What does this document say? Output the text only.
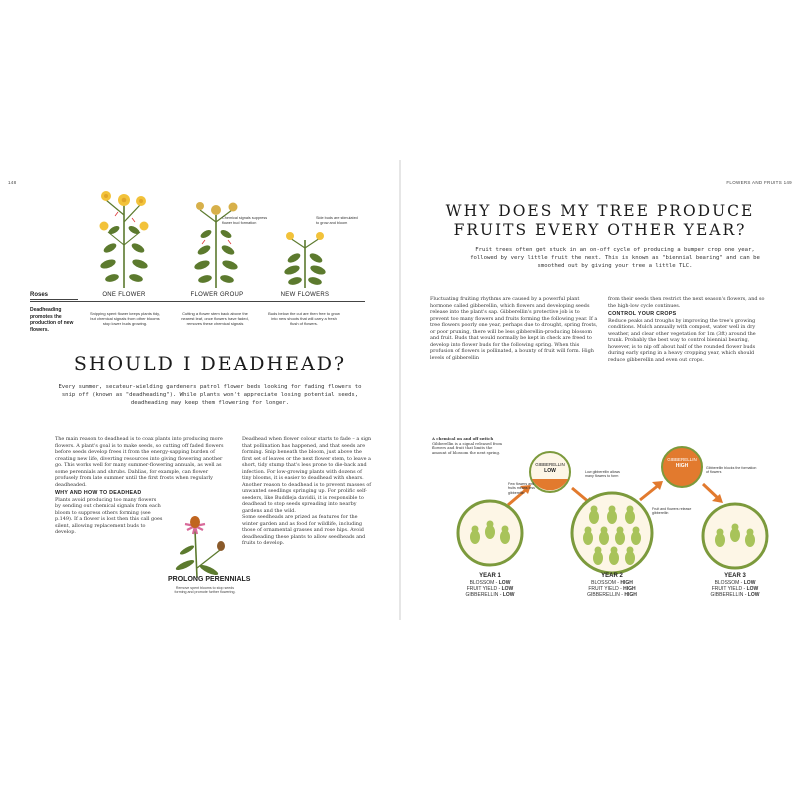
148	FLOWERS AND FRUITS 149
Chemical signals suppress flower bud formation
Side buds are stimulated to grow and bloom
Roses
Deadheading promotes the production of new flowers.
ONE FLOWER	FLOWER GROUP	NEW FLOWERS
Snipping spent flower keeps plants tidy, but chemical signals from other blooms stop lower buds growing.
Cutting a flower stem back above the nearest leaf, once flowers have faded, removes these chemical signals
Buds below the cut are then free to grow into new shoots that will carry a fresh flush of flowers.
SHOULD I DEADHEAD?
Every summer, secateur-wielding gardeners patrol flower beds looking for fading flowers to snip off (known as "deadheading"). While plants won't appreciate losing potential seeds, deadheading may keep them flowering for longer.

The main reason to deadhead is to coax plants into producing more flowers. A plant's goal is to make seeds, so cutting off faded flowers before seeds develop frees it from the energy-sapping burden of creating new life, diverting resources into giving flowering another go. This works well for many summer-flowering annuals, as well as some perennials and shrubs. Dahlias, for example, can flower profusely from late summer until the first frosts when regularly deadheaded.

WHY AND HOW TO DEADHEAD

Plants avoid producing too many flowers by sending out chemical signals from each bloom to suppress others forming (see p.149). If a flower is lost then this call goes silent, allowing replacement buds to develop.

Deadhead when flower colour starts to fade – a sign that pollination has happened, and that seeds are forming. Snip beneath the bloom, just above the first set of leaves or the next flower stem, to leave a short, tidy stump that's less prone to die-back and infection. For low-growing plants with dozens of tiny blooms, it is easier to deadhead with shears.

Another reason to deadhead is to prevent masses of unwanted seedlings springing up. For prolific self-seeders, like Buddleja davidii, it is responsible to deadhead to stop seeds spreading into nearby gardens and the wild.

Some seedheads are prized as features for the winter garden and as food for wildlife, including those of ornamental grasses and rose hips. Avoid deadheading these plants to allow seedheads and fruits to develop.

PROLONG PERENNIALS
Remove spent blooms to stop seeds forming and promote further flowering.
WHY DOES MY TREE PRODUCE
FRUITS EVERY OTHER YEAR?
Fruit trees often get stuck in an on-off cycle of producing a bumper crop one year, followed by very little fruit the next. This is known as "biennial bearing" and can be smoothed out by giving your tree a little TLC.

Fluctuating fruiting rhythms are caused by a powerful plant hormone called gibberellin, which flowers and developing seeds release into the plant's sap. Gibberellin's protective job is to prevent too many flowers and fruits forming the following year. If a tree flowers poorly one year, perhaps due to drought, spring frosts, or poor pruning, there will be less gibberellin-producing blossom and fruit. Buds that would normally be kept in check are freed to develop into flower buds for the following spring. When this profusion of flowers is pollinated, a bounty of fruit will form. High levels of gibberellin

from their seeds then restrict the next season's flowers, and so the high-low cycle continues.

CONTROL YOUR CROPS

Reduce peaks and troughs by improving the tree's growing conditions. Mulch annually with compost, water well in dry weather, and clear other vegetation for 1m (3ft) around the trunk. Probably the best way to control biennial bearing, however, is to nip off about half of the rounded flower buds during early spring in a heavy cropping year, which should reduce gibberellin and even out crops.

A chemical on and off switch
Gibberellin is a signal released from flowers and fruit that limits the amount of blossom the next spring.
GIBBERELLIN
LOW
GIBBERELLIN
HIGH
Low gibberellin allows many flowers to form
Few flowers and fruits means less gibberellin
Fruit and flowers release gibberellin
Gibberellin blocks the formation of flowers
YEAR 1
BLOSSOM - LOW
FRUIT YIELD - LOW
GIBBERELLIN - LOW
YEAR 2
BLOSSOM - HIGH
FRUIT YIELD - HIGH
GIBBERELLIN - HIGH
YEAR 3
BLOSSOM - LOW
FRUIT YIELD - LOW
GIBBERELLIN - LOW
